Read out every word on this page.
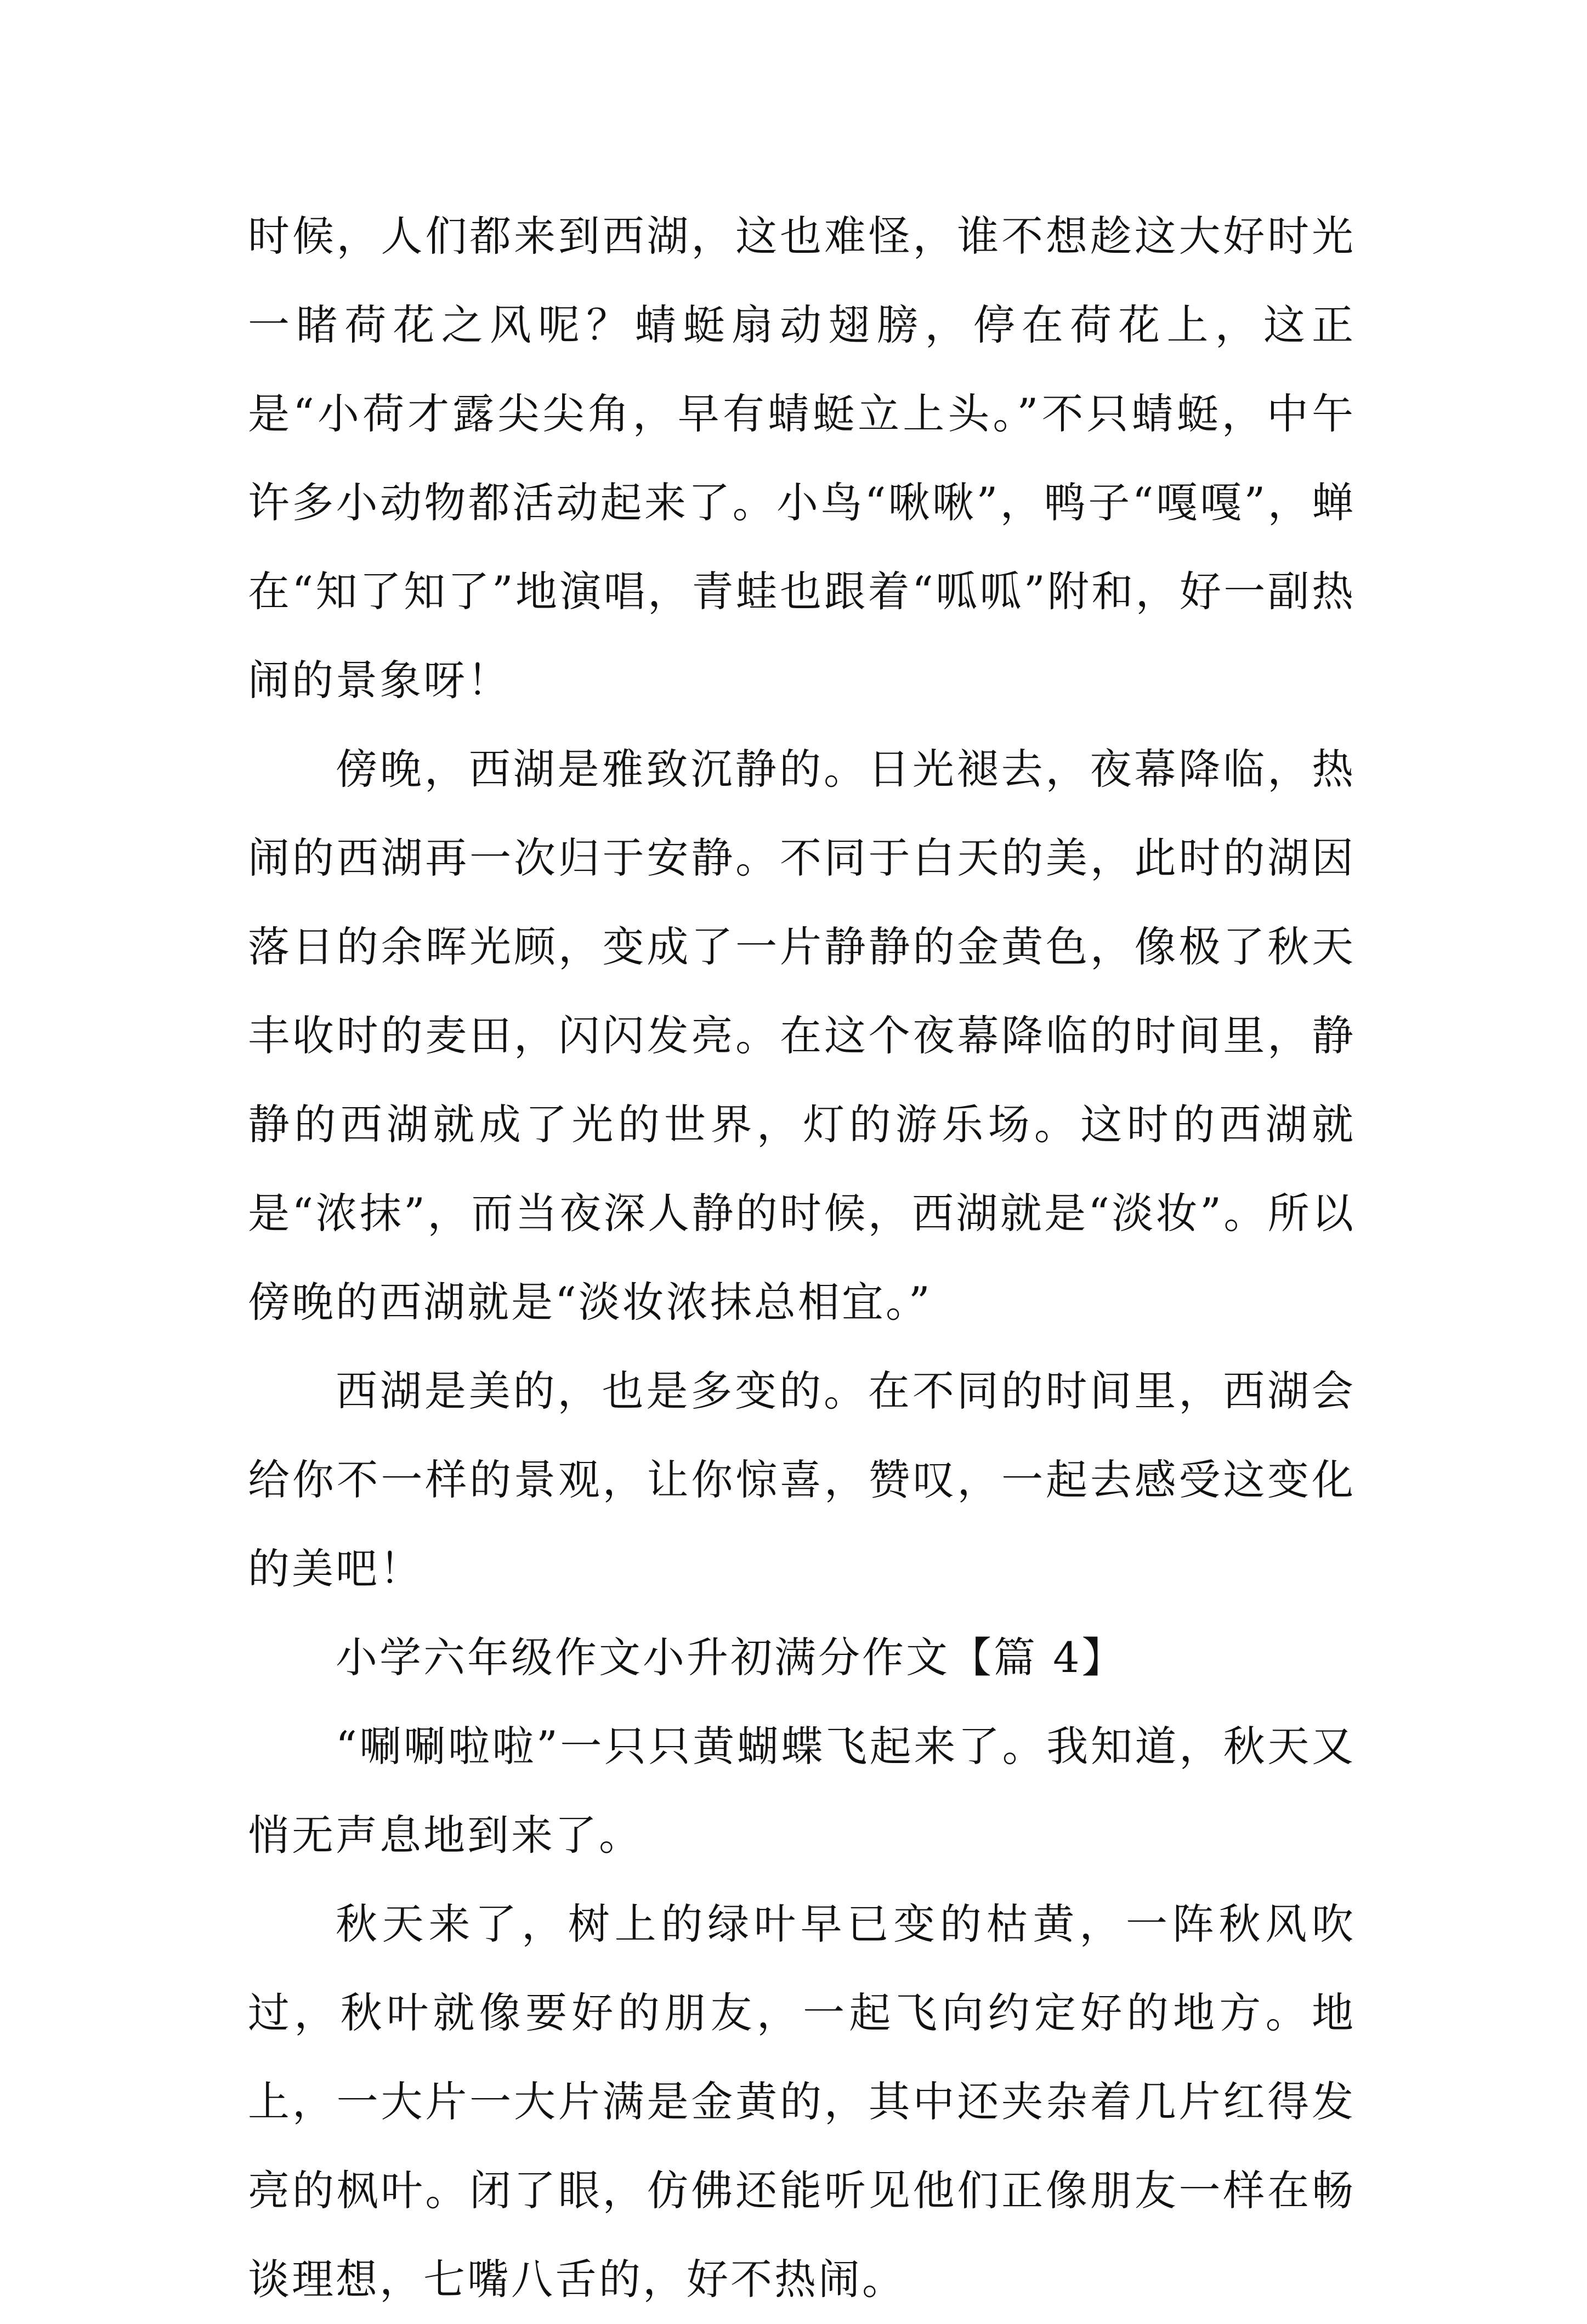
时候，人们都来到西湖，这也难怪，谁不想趁这大好时光一睹荷花之风呢？蜻蜓扇动翅膀，停在荷花上，这正是“小荷才露尖尖角，早有蜻蜓立上头。”不只蜻蜓，中午许多小动物都活动起来了。小鸟“啾啾”，鸭子“嘎嘎”，蝉在“知了知了”地演唱，青蛙也跟着“呱呱”附和，好一副热闹的景象呀！

傍晚，西湖是雅致沉静的。日光褪去，夜幕降临，热闹的西湖再一次归于安静。不同于白天的美，此时的湖因落日的余晖光顾，变成了一片静静的金黄色，像极了秋天丰收时的麦田，闪闪发亮。在这个夜幕降临的时间里，静静的西湖就成了光的世界，灯的游乐场。这时的西湖就是“浓抹”，而当夜深人静的时候，西湖就是“淡妆”。所以傍晚的西湖就是“淡妆浓抹总相宜。”

西湖是美的，也是多变的。在不同的时间里，西湖会给你不一样的景观，让你惊喜，赞叹，一起去感受这变化的美吧！

小学六年级作文小升初满分作文【篇 4】

“唰唰啦啦”一只只黄蝴蝶飞起来了。我知道，秋天又悄无声息地到来了。

秋天来了，树上的绿叶早已变的枯黄，一阵秋风吹过，秋叶就像要好的朋友，一起飞向约定好的地方。地上，一大片一大片满是金黄的，其中还夹杂着几片红得发亮的枫叶。闭了眼，仿佛还能听见他们正像朋友一样在畅谈理想，七嘴八舌的，好不热闹。
